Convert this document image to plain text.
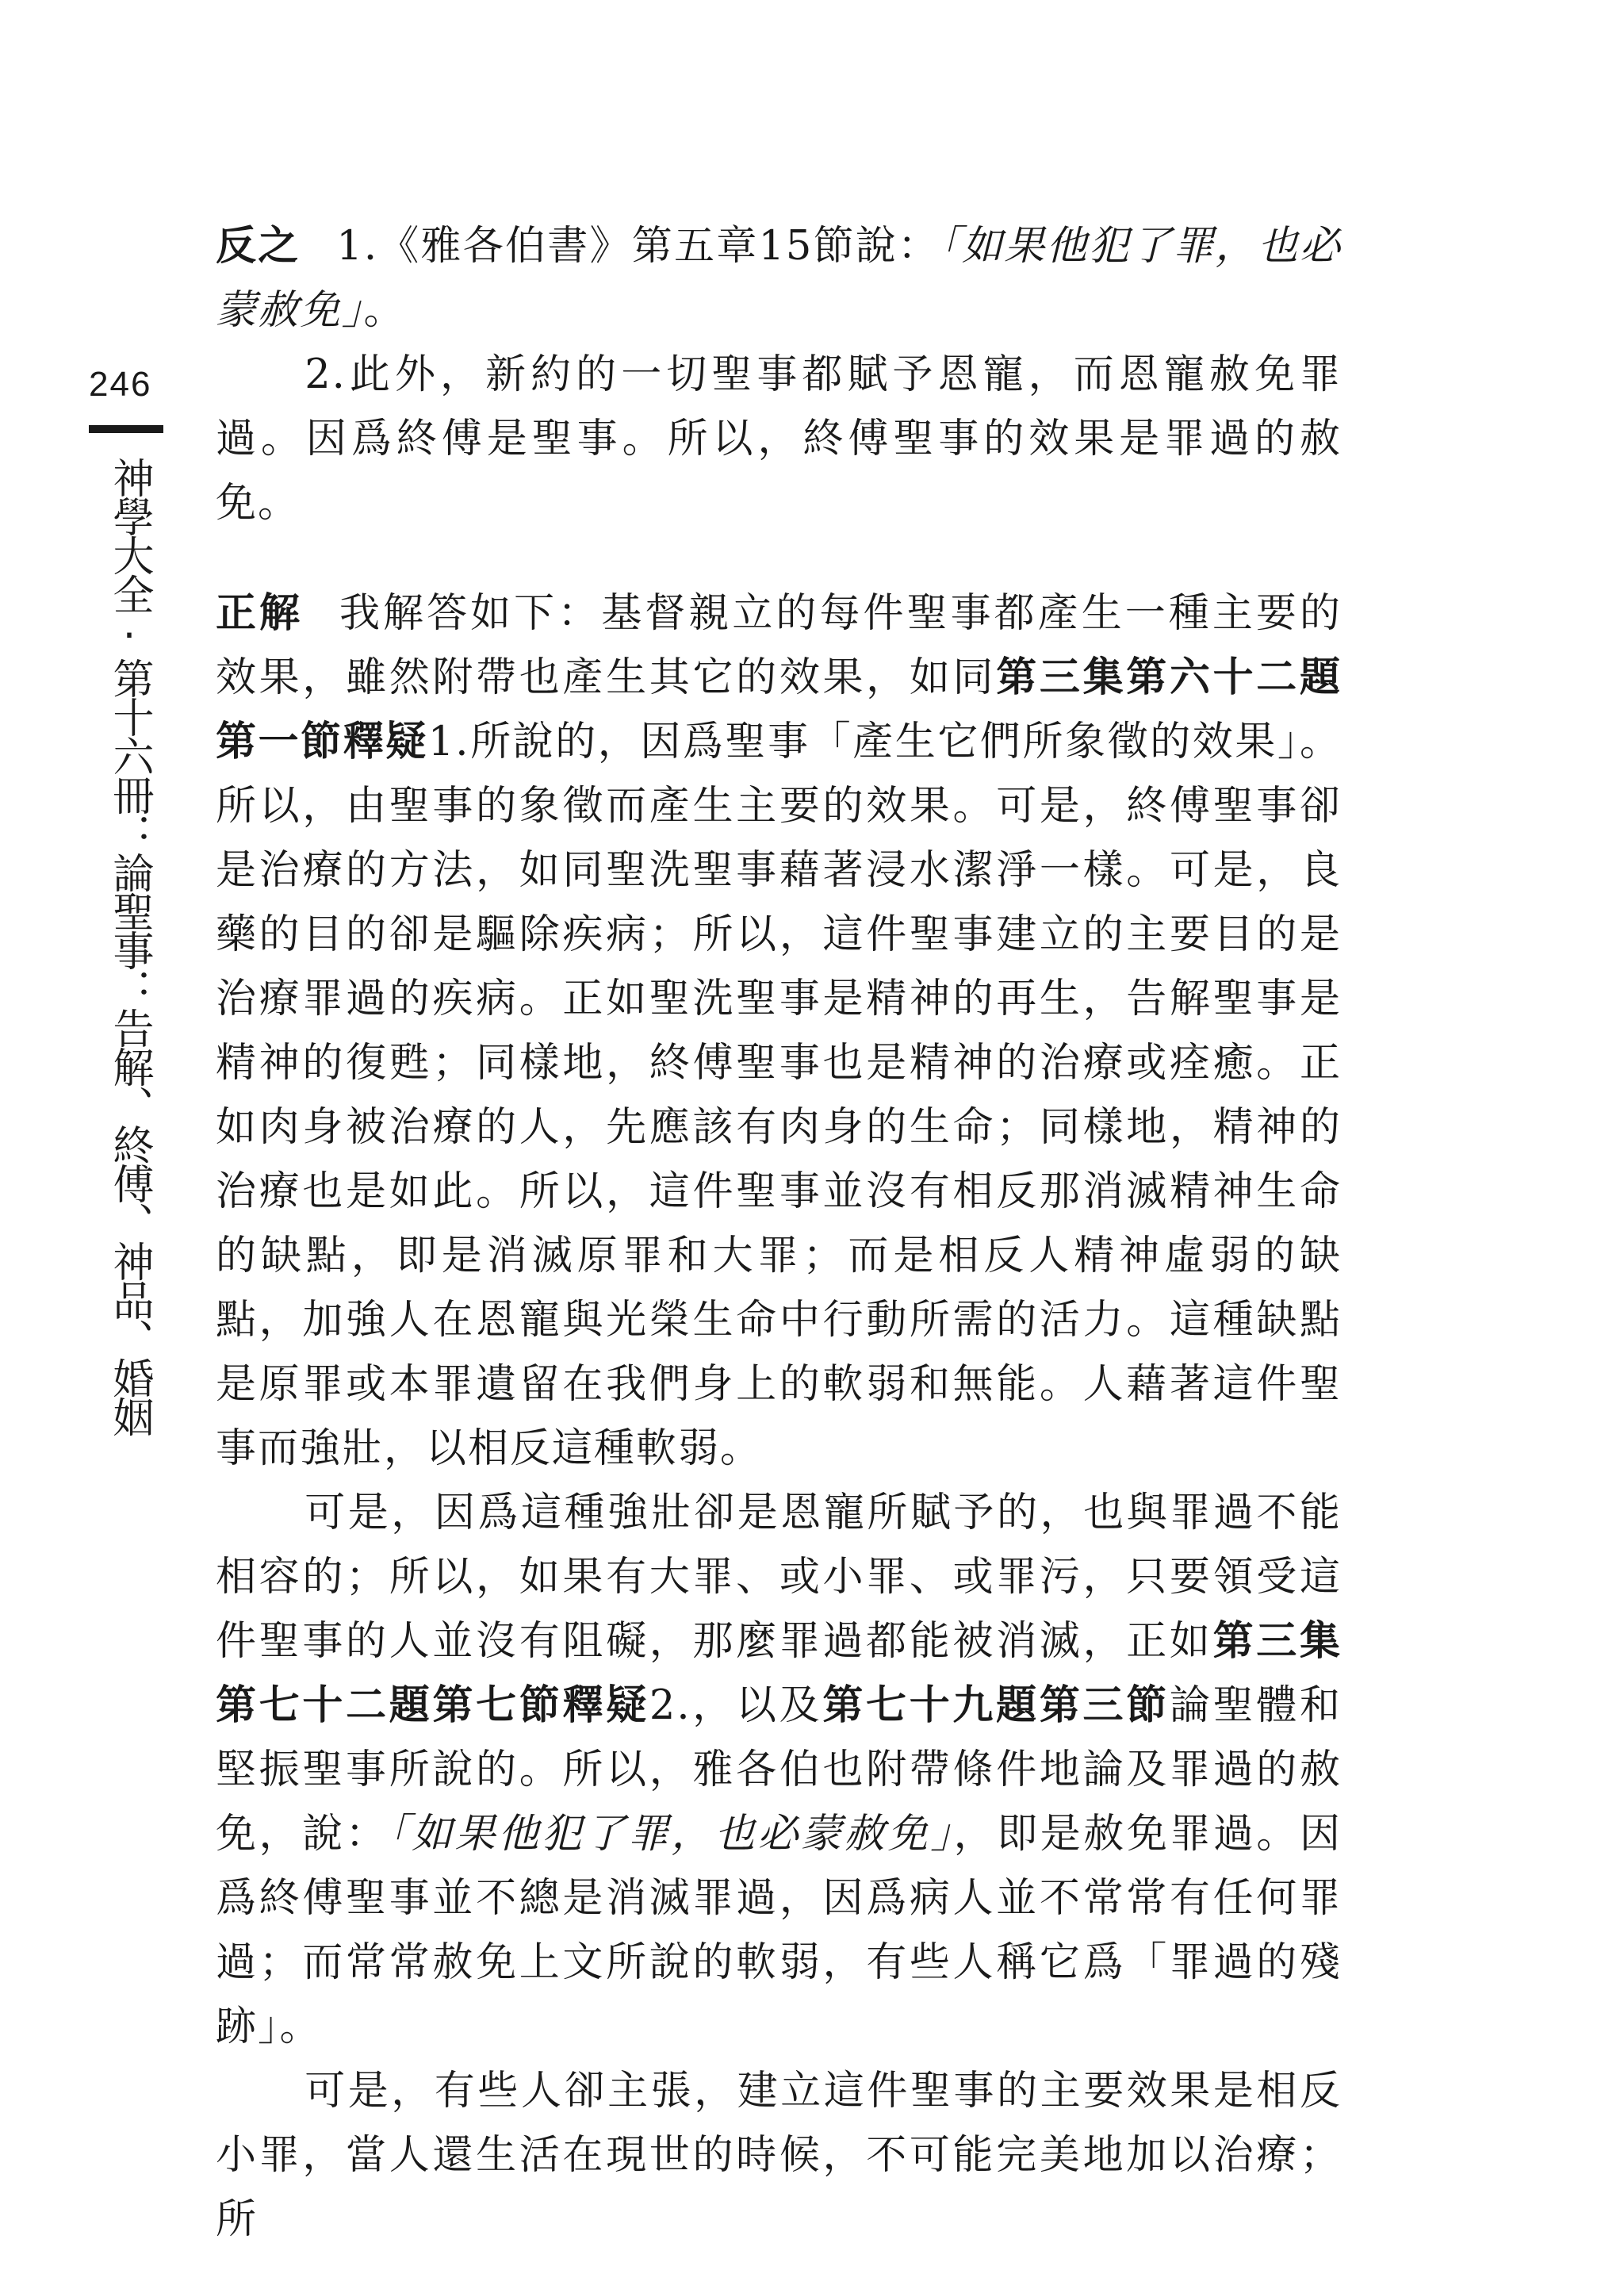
246
神學大全·第十六冊：論聖事：告解、終傅、神品、婚姻

反之 1.《雅各伯書》第五章15節說：「如果他犯了罪，也必蒙赦免」。

2.此外，新約的一切聖事都賦予恩寵，而恩寵赦免罪過。因爲終傅是聖事。所以，終傅聖事的效果是罪過的赦免。

正解 我解答如下：基督親立的每件聖事都產生一種主要的效果，雖然附帶也產生其它的效果，如同第三集第六十二題第一節釋疑1.所說的，因爲聖事「產生它們所象徵的效果」。所以，由聖事的象徵而產生主要的效果。可是，終傅聖事卻是治療的方法，如同聖洗聖事藉著浸水潔淨一樣。可是，良藥的目的卻是驅除疾病；所以，這件聖事建立的主要目的是治療罪過的疾病。正如聖洗聖事是精神的再生，告解聖事是精神的復甦；同樣地，終傅聖事也是精神的治療或痊癒。正如肉身被治療的人，先應該有肉身的生命；同樣地，精神的治療也是如此。所以，這件聖事並沒有相反那消滅精神生命的缺點，即是消滅原罪和大罪；而是相反人精神虛弱的缺點，加強人在恩寵與光榮生命中行動所需的活力。這種缺點是原罪或本罪遺留在我們身上的軟弱和無能。人藉著這件聖事而強壯，以相反這種軟弱。

可是，因爲這種強壯卻是恩寵所賦予的，也與罪過不能相容的；所以，如果有大罪、或小罪、或罪污，只要領受這件聖事的人並沒有阻礙，那麼罪過都能被消滅，正如第三集第七十二題第七節釋疑2.，以及第七十九題第三節論聖體和堅振聖事所說的。所以，雅各伯也附帶條件地論及罪過的赦免，說：「如果他犯了罪，也必蒙赦免」，即是赦免罪過。因爲終傅聖事並不總是消滅罪過，因爲病人並不常常有任何罪過；而常常赦免上文所說的軟弱，有些人稱它爲「罪過的殘跡」。

可是，有些人卻主張，建立這件聖事的主要效果是相反小罪，當人還生活在現世的時候，不可能完美地加以治療；所
